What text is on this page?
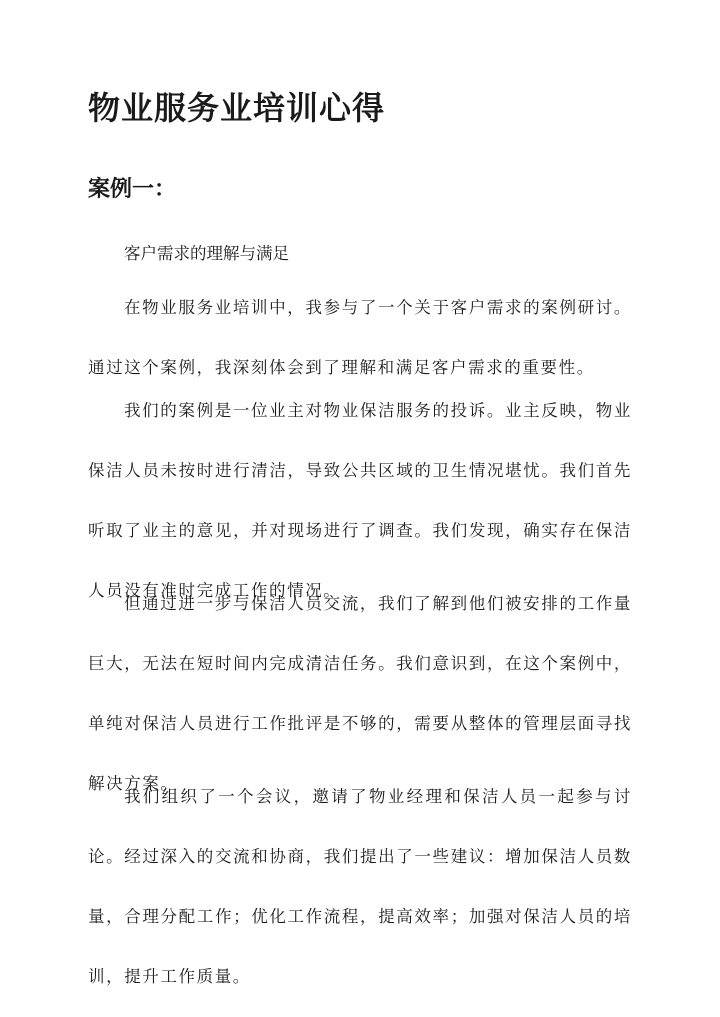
物业服务业培训心得
案例一：

客户需求的理解与满足

在物业服务业培训中，我参与了一个关于客户需求的案例研讨。通过这个案例，我深刻体会到了理解和满足客户需求的重要性。

我们的案例是一位业主对物业保洁服务的投诉。业主反映，物业保洁人员未按时进行清洁，导致公共区域的卫生情况堪忧。我们首先听取了业主的意见，并对现场进行了调查。我们发现，确实存在保洁人员没有准时完成工作的情况。

但通过进一步与保洁人员交流，我们了解到他们被安排的工作量巨大，无法在短时间内完成清洁任务。我们意识到，在这个案例中，单纯对保洁人员进行工作批评是不够的，需要从整体的管理层面寻找解决方案。

我们组织了一个会议，邀请了物业经理和保洁人员一起参与讨论。经过深入的交流和协商，我们提出了一些建议：增加保洁人员数量，合理分配工作；优化工作流程，提高效率；加强对保洁人员的培训，提升工作质量。
